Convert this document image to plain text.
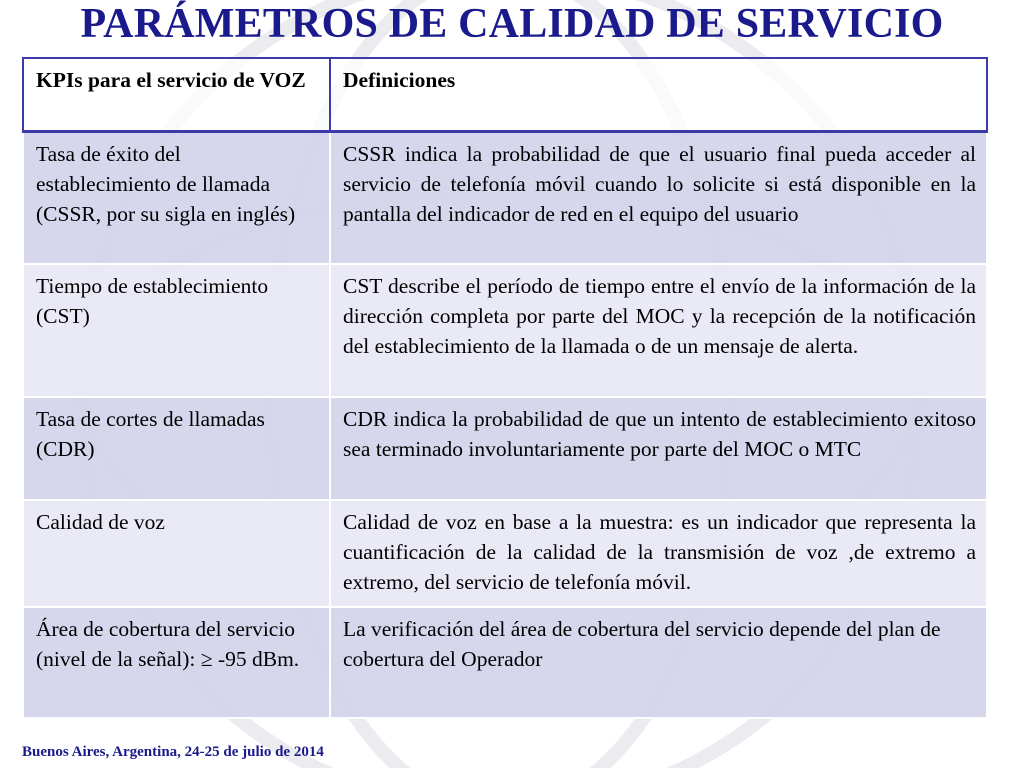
PARÁMETROS DE CALIDAD DE SERVICIO
KPIs para el servicio de VOZ	Definiciones
Tasa de éxito del establecimiento de llamada (CSSR, por su sigla en inglés)	CSSR indica la probabilidad de que el usuario final pueda acceder al servicio de telefonía móvil cuando lo solicite si está disponible en la pantalla del indicador de red en el equipo del usuario
Tiempo de establecimiento (CST)	CST describe el período de tiempo entre el envío de la información de la dirección completa por parte del MOC y la recepción de la notificación del establecimiento de la llamada o de un mensaje de alerta.
Tasa de cortes de llamadas (CDR)	CDR indica la probabilidad de que un intento de establecimiento exitoso sea terminado involuntariamente por parte del MOC o MTC
Calidad de voz	Calidad de voz en base a la muestra: es un indicador que representa la cuantificación de la calidad de la transmisión de voz ,de extremo a extremo, del servicio de telefonía móvil.
Área de cobertura del servicio (nivel de la señal): ≥ -95 dBm.	La verificación del área de cobertura del servicio depende del plan de cobertura del Operador
Buenos Aires, Argentina, 24-25 de julio de 2014
